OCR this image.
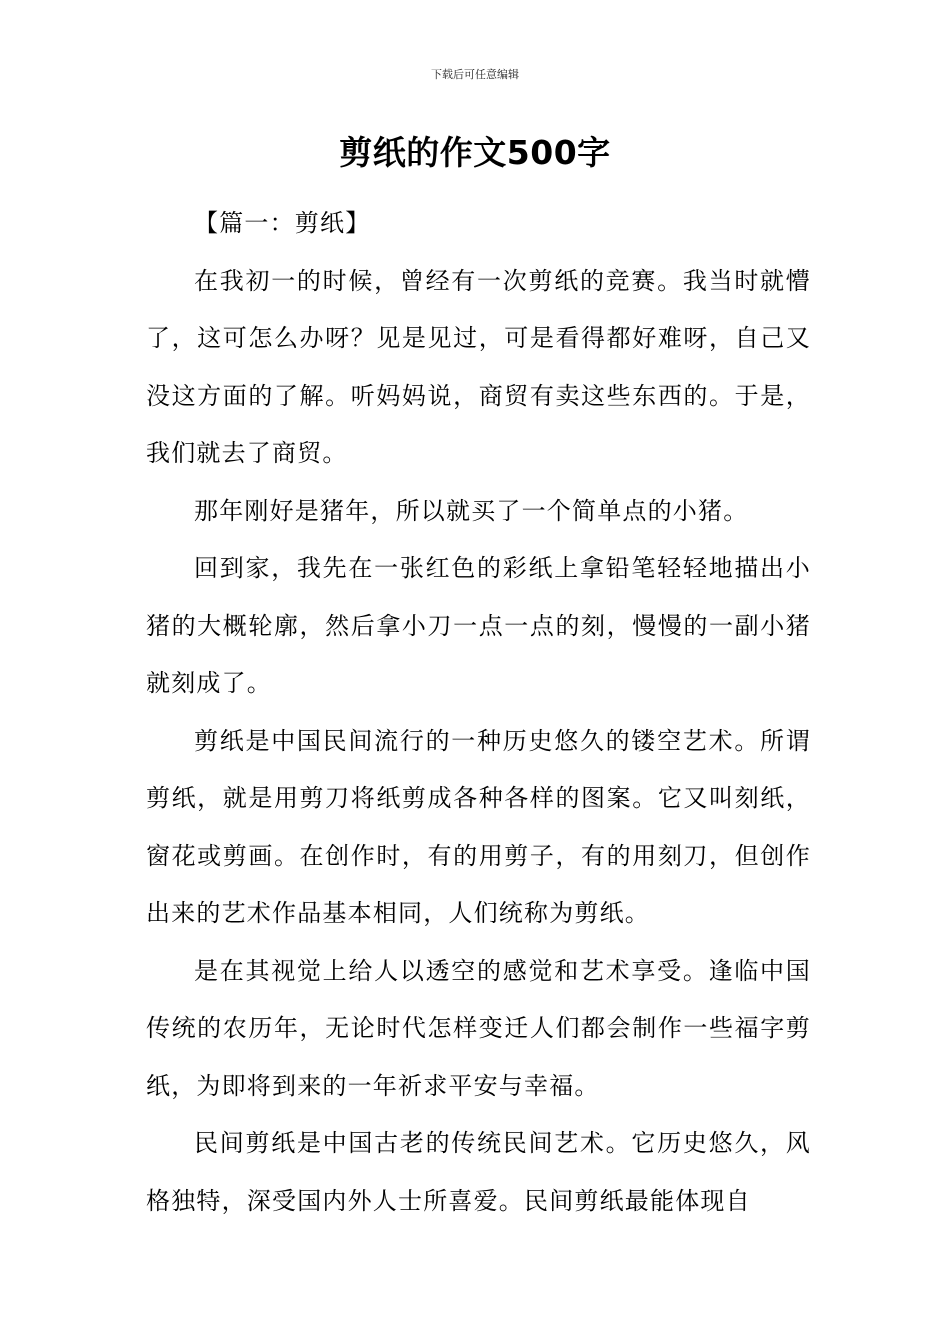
下载后可任意编辑
剪纸的作文500字

【篇一：剪纸】

在我初一的时候，曾经有一次剪纸的竞赛。我当时就懵了，这可怎么办呀？见是见过，可是看得都好难呀，自己又没这方面的了解。听妈妈说，商贸有卖这些东西的。于是，我们就去了商贸。

那年刚好是猪年，所以就买了一个简单点的小猪。

回到家，我先在一张红色的彩纸上拿铅笔轻轻地描出小猪的大概轮廓，然后拿小刀一点一点的刻，慢慢的一副小猪就刻成了。

剪纸是中国民间流行的一种历史悠久的镂空艺术。所谓剪纸，就是用剪刀将纸剪成各种各样的图案。它又叫刻纸，窗花或剪画。在创作时，有的用剪子，有的用刻刀，但创作出来的艺术作品基本相同，人们统称为剪纸。

是在其视觉上给人以透空的感觉和艺术享受。逢临中国传统的农历年，无论时代怎样变迁人们都会制作一些福字剪纸，为即将到来的一年祈求平安与幸福。

民间剪纸是中国古老的传统民间艺术。它历史悠久，风格独特，深受国内外人士所喜爱。民间剪纸最能体现自
